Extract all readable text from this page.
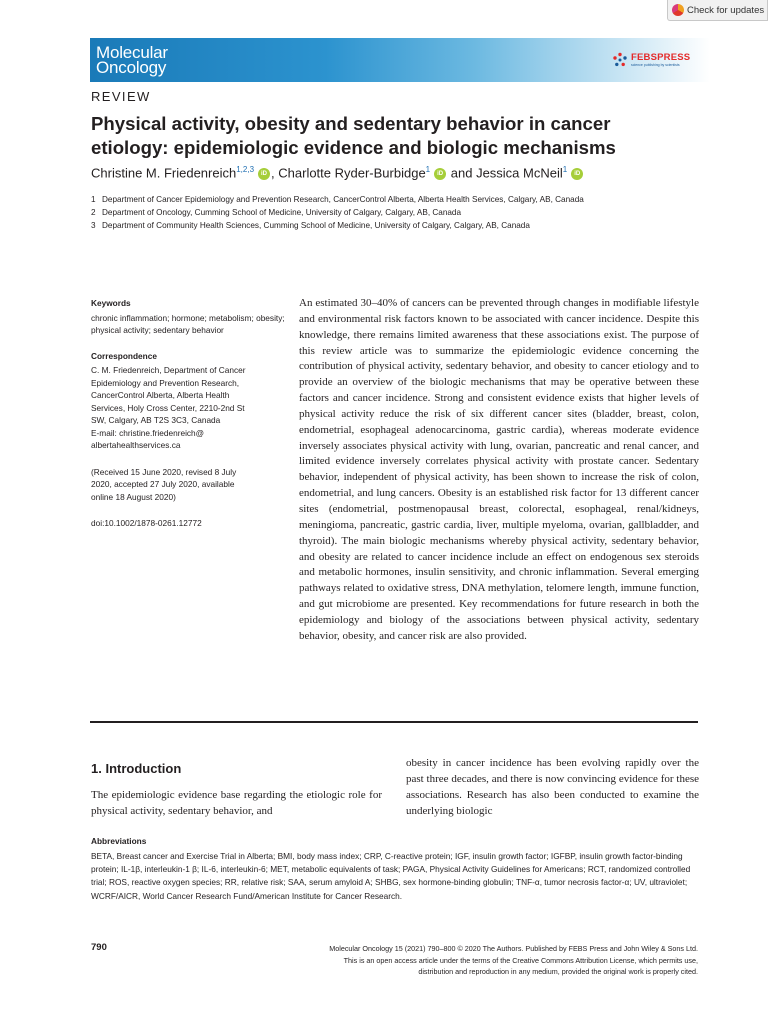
Check for updates
Molecular
Oncology
FEBSPRESS
science publishing by scientists
REVIEW
Physical activity, obesity and sedentary behavior in cancer etiology: epidemiologic evidence and biologic mechanisms
Christine M. Friedenreich$^{1,2,3}$ iD , Charlotte Ryder-Burbidge$^1$ iD and Jessica McNeil$^1$ iD
1 Department of Cancer Epidemiology and Prevention Research, CancerControl Alberta, Alberta Health Services, Calgary, AB, Canada
2 Department of Oncology, Cumming School of Medicine, University of Calgary, Calgary, AB, Canada
3 Department of Community Health Sciences, Cumming School of Medicine, University of Calgary, Calgary, AB, Canada
Keywords

chronic inflammation; hormone; metabolism; obesity; physical activity; sedentary behavior

Correspondence

C. M. Friedenreich, Department of Cancer

Epidemiology and Prevention Research,

CancerControl Alberta, Alberta Health

Services, Holy Cross Center, 2210-2nd St

SW, Calgary, AB T2S 3C3, Canada

E-mail: christine.friedenreich@

albertahealthservices.ca

(Received 15 June 2020, revised 8 July

2020, accepted 27 July 2020, available

online 18 August 2020)

doi:10.1002/1878-0261.12772

An estimated 30–40% of cancers can be prevented through changes in modifiable lifestyle and environmental risk factors known to be associated with cancer incidence. Despite this knowledge, there remains limited awareness that these associations exist. The purpose of this review article was to summarize the epidemiologic evidence concerning the contribution of physical activity, sedentary behavior, and obesity to cancer etiology and to provide an overview of the biologic mechanisms that may be operative between these factors and cancer incidence. Strong and consistent evidence exists that higher levels of physical activity reduce the risk of six different cancer sites (bladder, breast, colon, endometrial, esophageal adenocarcinoma, gastric cardia), whereas moderate evidence inversely associates physical activity with lung, ovarian, pancreatic and renal cancer, and limited evidence inversely correlates physical activity with prostate cancer. Sedentary behavior, independent of physical activity, has been shown to increase the risk of colon, endometrial, and lung cancers. Obesity is an established risk factor for 13 different cancer sites (endometrial, postmenopausal breast, colorectal, esophageal, renal/kidneys, meningioma, pancreatic, gastric cardia, liver, multiple myeloma, ovarian, gallbladder, and thyroid). The main biologic mechanisms whereby physical activity, sedentary behavior, and obesity are related to cancer incidence include an effect on endogenous sex steroids and metabolic hormones, insulin sensitivity, and chronic inflammation. Several emerging pathways related to oxidative stress, DNA methylation, telomere length, immune function, and gut microbiome are presented. Key recommendations for future research in both the epidemiology and biology of the associations between physical activity, sedentary behavior, obesity, and cancer risk are also provided.

1. Introduction

The epidemiologic evidence base regarding the etiologic role for physical activity, sedentary behavior, and

obesity in cancer incidence has been evolving rapidly over the past three decades, and there is now convincing evidence for these associations. Research has also been conducted to examine the underlying biologic

Abbreviations

BETA, Breast cancer and Exercise Trial in Alberta; BMI, body mass index; CRP, C-reactive protein; IGF, insulin growth factor; IGFBP, insulin growth factor-binding protein; IL-1β, interleukin-1 β; IL-6, interleukin-6; MET, metabolic equivalents of task; PAGA, Physical Activity Guidelines for Americans; RCT, randomized controlled trial; ROS, reactive oxygen species; RR, relative risk; SAA, serum amyloid A; SHBG, sex hormone-binding globulin; TNF-α, tumor necrosis factor-α; UV, ultraviolet; WCRF/AICR, World Cancer Research Fund/American Institute for Cancer Research.

790	Molecular Oncology 15 (2021) 790–800 © 2020 The Authors. Published by FEBS Press and John Wiley & Sons Ltd.
This is an open access article under the terms of the Creative Commons Attribution License, which permits use,
distribution and reproduction in any medium, provided the original work is properly cited.
